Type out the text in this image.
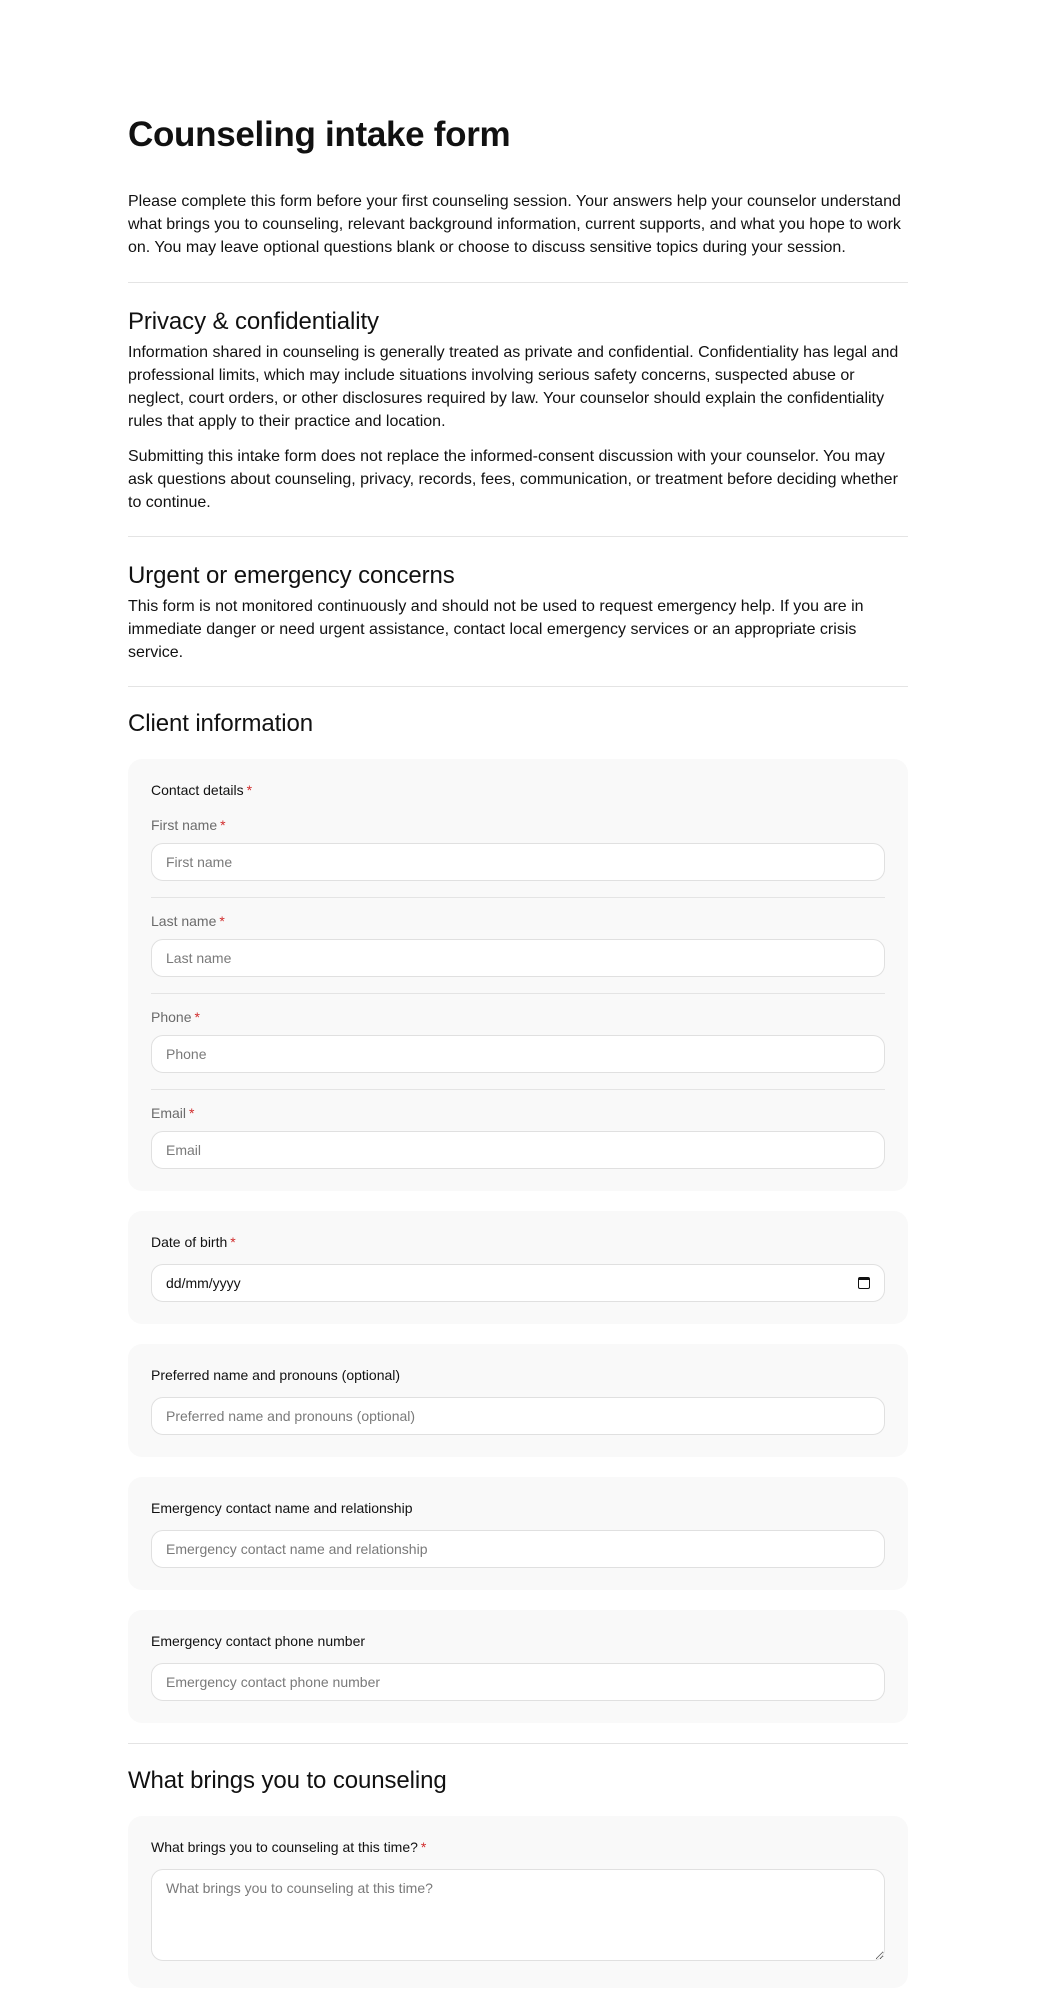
Counseling intake form

Please complete this form before your first counseling session. Your answers help your counselor understand what brings you to counseling, relevant background information, current supports, and what you hope to work on. You may leave optional questions blank or choose to discuss sensitive topics during your session.

Privacy & confidentiality

Information shared in counseling is generally treated as private and confidential. Confidentiality has legal and professional limits, which may include situations involving serious safety concerns, suspected abuse or neglect, court orders, or other disclosures required by law. Your counselor should explain the confidentiality rules that apply to their practice and location.

Submitting this intake form does not replace the informed-consent discussion with your counselor. You may ask questions about counseling, privacy, records, fees, communication, or treatment before deciding whether to continue.

Urgent or emergency concerns

This form is not monitored continuously and should not be used to request emergency help. If you are in immediate danger or need urgent assistance, contact local emergency services or an appropriate crisis service.

Client information
Contact details *
First name *
First name
Last name *
Last name
Phone *
Phone
Email *
Email
Date of birth *
dd/mm/yyyy
Preferred name and pronouns (optional)
Preferred name and pronouns (optional)
Emergency contact name and relationship
Emergency contact name and relationship
Emergency contact phone number
Emergency contact phone number
What brings you to counseling
What brings you to counseling at this time? *
What brings you to counseling at this time?
